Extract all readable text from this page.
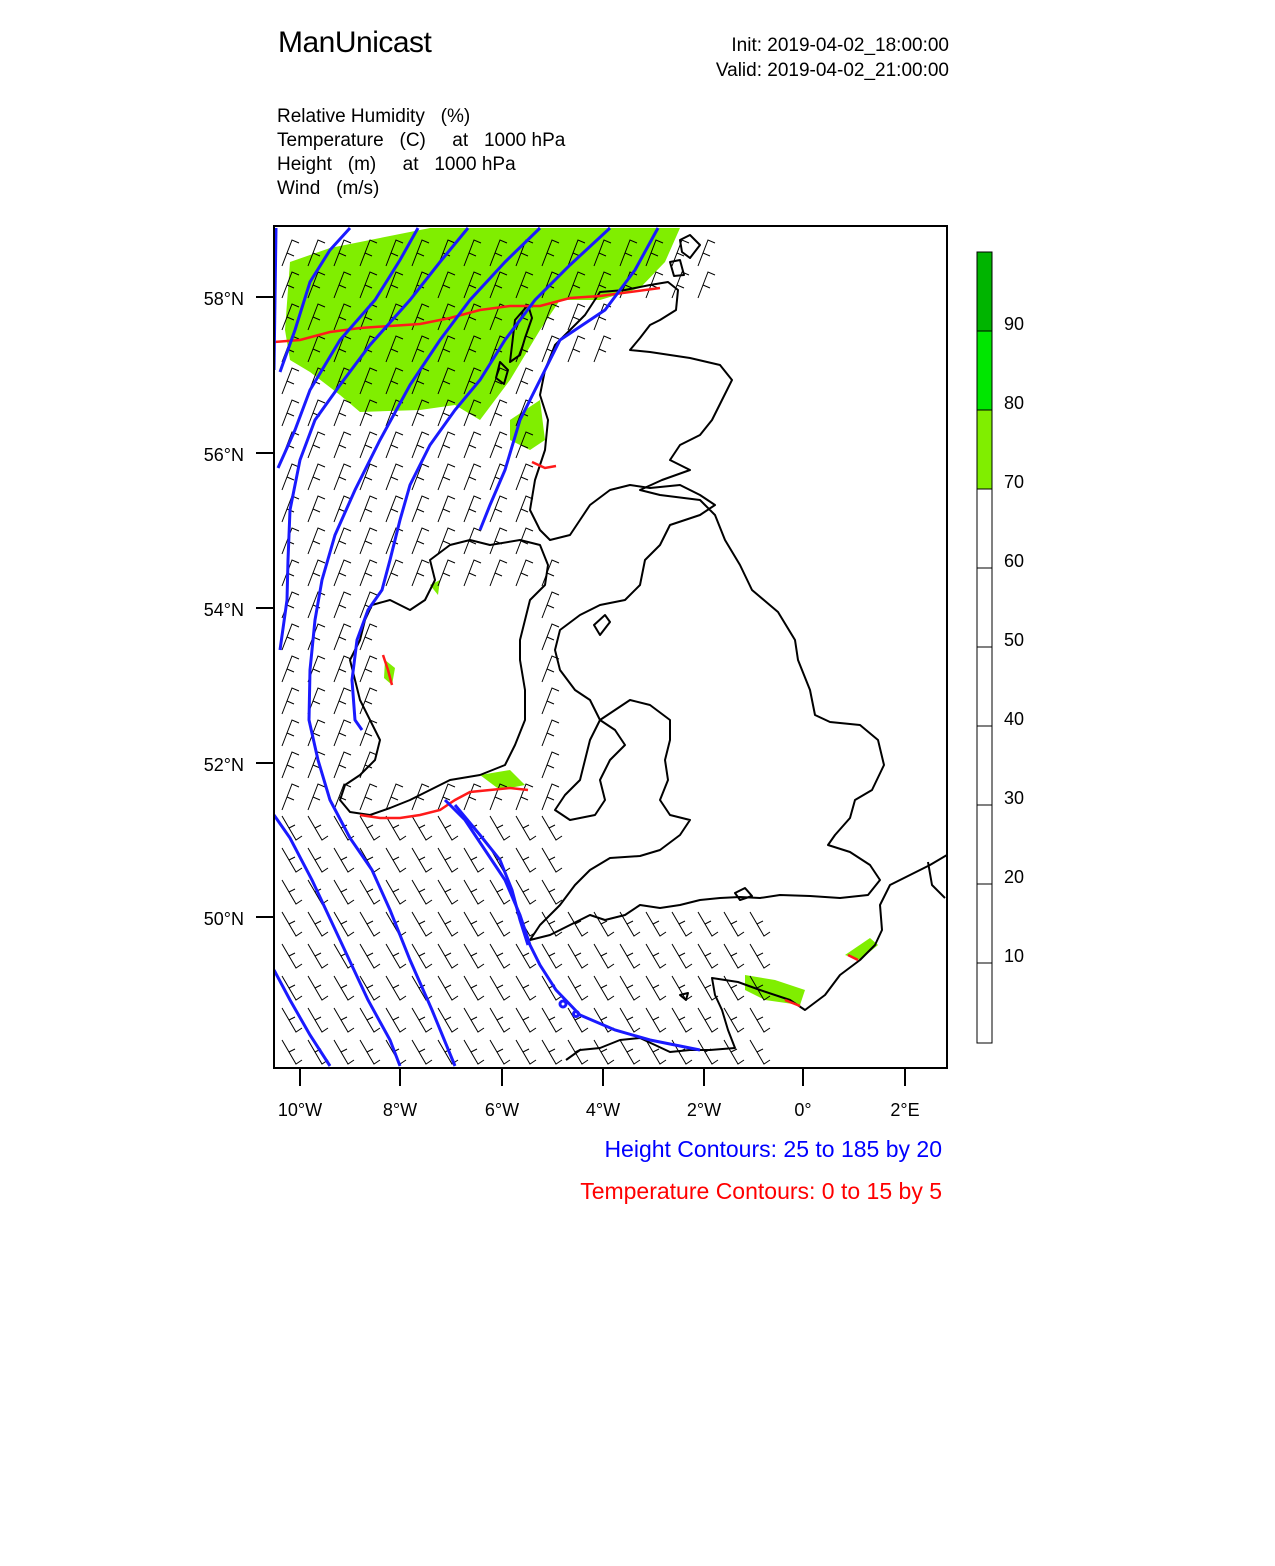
ManUnicast	Init: 2019-04-02_18:00:00
Valid: 2019-04-02_21:00:00
Relative Humidity   (%)
Temperature   (C)     at   1000 hPa
Height   (m)     at   1000 hPa
Wind   (m/s)
58°N
56°N
54°N
52°N
50°N
10°W	8°W	6°W	4°W	2°W	0°	2°E
90
80
70
60
50
40
30
20
10
Height Contours: 25 to 185 by 20
Temperature Contours: 0 to 15 by 5
